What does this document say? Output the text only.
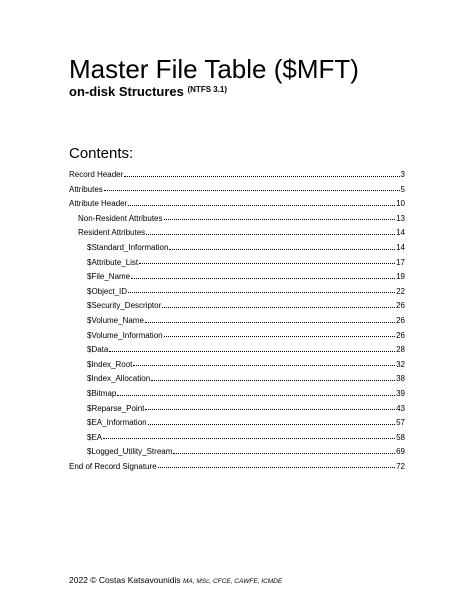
Master File Table ($MFT)
on-disk Structures $^{(NTFS 3.1)}$
Contents:
Record Header	3
Attributes	5
Attribute Header	10
Non-Resident Attributes	13
Resident Attributes	14
$Standard_Information	14
$Attribute_List	17
$File_Name	19
$Object_ID	22
$Security_Descriptor	26
$Volume_Name	26
$Volume_Information	26
$Data	28
$Index_Root	32
$Index_Allocation	38
$Bitmap	39
$Reparse_Point	43
$EA_Information	57
$EA	58
$Logged_Utility_Stream	69
End of Record Signature	72
2022 © Costas Katsavounidis MA, MSc, CFCE, CAWFE, ICMDE
